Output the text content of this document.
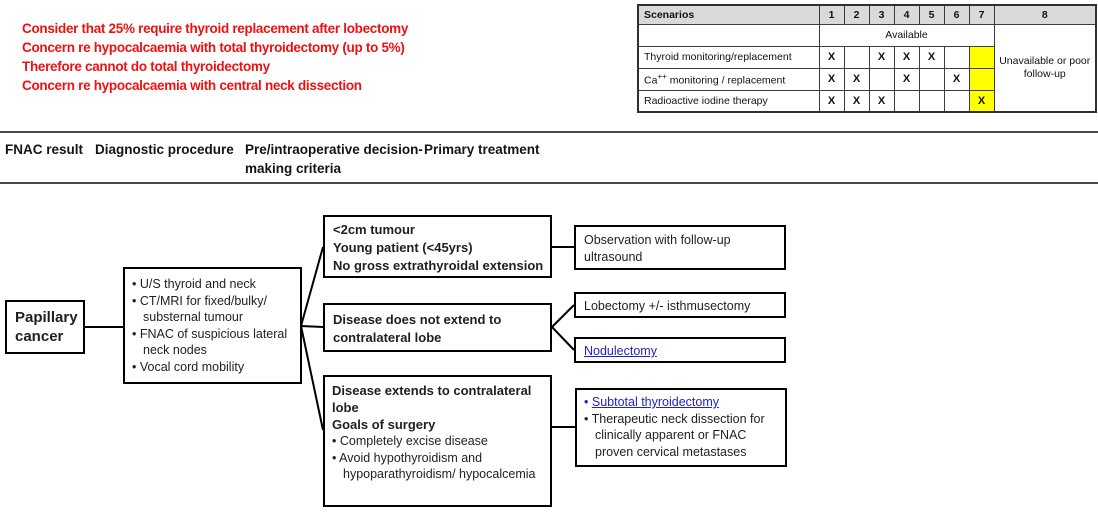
Consider that 25% require thyroid replacement after lobectomy
Concern re hypocalcaemia with total thyroidectomy (up to 5%)
Therefore cannot do total thyroidectomy
Concern re hypocalcaemia with central neck dissection
Scenarios	1	2	3	4	5	6	7	8
	Available							Unavailable or poor follow-up
Thyroid monitoring/replacement	X		X	X	X			
Ca++ monitoring / replacement	X	X		X		X		
Radioactive iodine therapy	X	X	X				X	
FNAC result Diagnostic procedure Pre/intraoperative decision-making criteria
Primary treatment
Papillary cancer
• U/S thyroid and neck
• CT/MRI for fixed/bulky/ substernal tumour
• FNAC of suspicious lateral neck nodes
• Vocal cord mobility
<2cm tumour
Young patient (<45yrs)
No gross extrathyroidal extension
Disease does not extend to contralateral lobe
Disease extends to contralateral lobe
Goals of surgery
• Completely excise disease
• Avoid hypothyroidism and hypoparathyroidism/ hypocalcemia
Observation with follow-up ultrasound
Lobectomy +/- isthmusectomy
Nodulectomy
• Subtotal thyroidectomy
• Therapeutic neck dissection for clinically apparent or FNAC proven cervical metastases
